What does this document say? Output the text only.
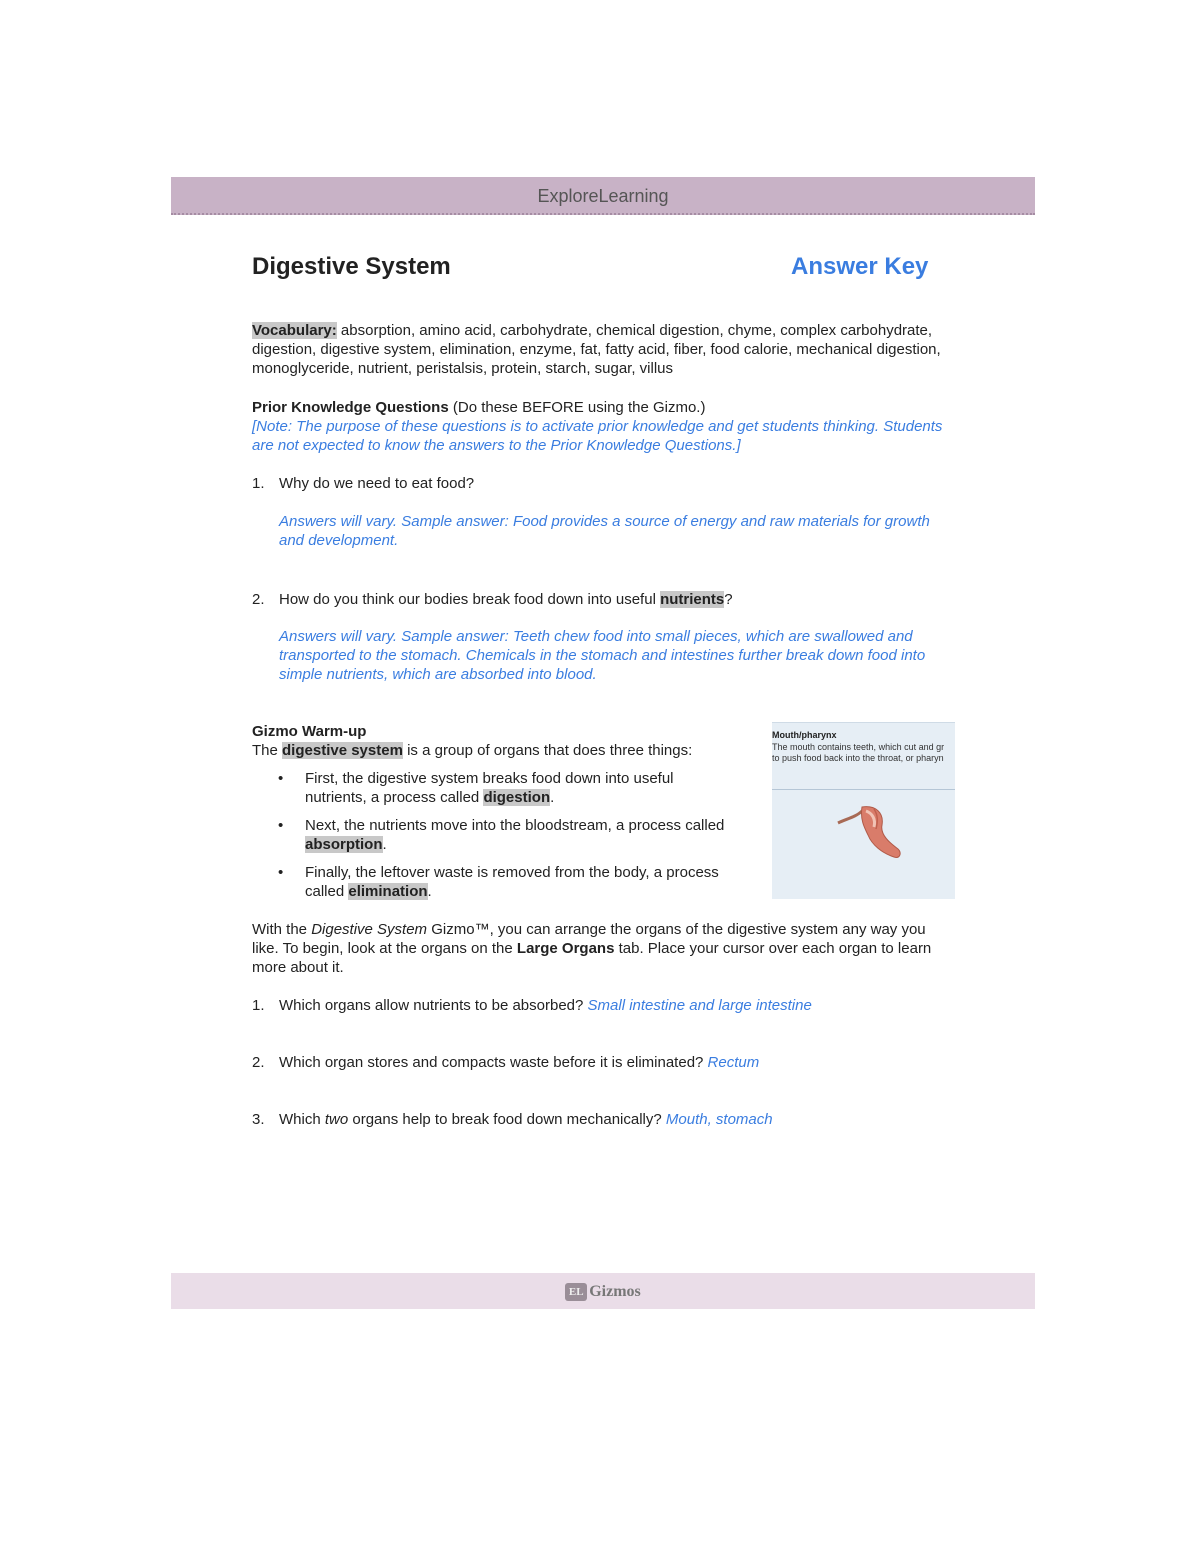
ExploreLearning
Digestive System	Answer Key
Vocabulary: absorption, amino acid, carbohydrate, chemical digestion, chyme, complex carbohydrate, digestion, digestive system, elimination, enzyme, fat, fatty acid, fiber, food calorie, mechanical digestion, monoglyceride, nutrient, peristalsis, protein, starch, sugar, villus
Prior Knowledge Questions (Do these BEFORE using the Gizmo.)
[Note: The purpose of these questions is to activate prior knowledge and get students thinking. Students are not expected to know the answers to the Prior Knowledge Questions.]
1. Why do we need to eat food?
Answers will vary. Sample answer: Food provides a source of energy and raw materials for growth and development.
2. How do you think our bodies break food down into useful nutrients?
Answers will vary. Sample answer: Teeth chew food into small pieces, which are swallowed and transported to the stomach. Chemicals in the stomach and intestines further break down food into simple nutrients, which are absorbed into blood.
Gizmo Warm-up
The digestive system is a group of organs that does three things:
• First, the digestive system breaks food down into useful nutrients, a process called digestion.
• Next, the nutrients move into the bloodstream, a process called absorption.
• Finally, the leftover waste is removed from the body, a process called elimination.
Mouth/pharynx
The mouth contains teeth, which cut and gr
to push food back into the throat, or pharyn
With the Digestive System Gizmo™, you can arrange the organs of the digestive system any way you like. To begin, look at the organs on the Large Organs tab. Place your cursor over each organ to learn more about it.
1. Which organs allow nutrients to be absorbed? Small intestine and large intestine
2. Which organ stores and compacts waste before it is eliminated? Rectum
3. Which two organs help to break food down mechanically? Mouth, stomach
EL Gizmos
